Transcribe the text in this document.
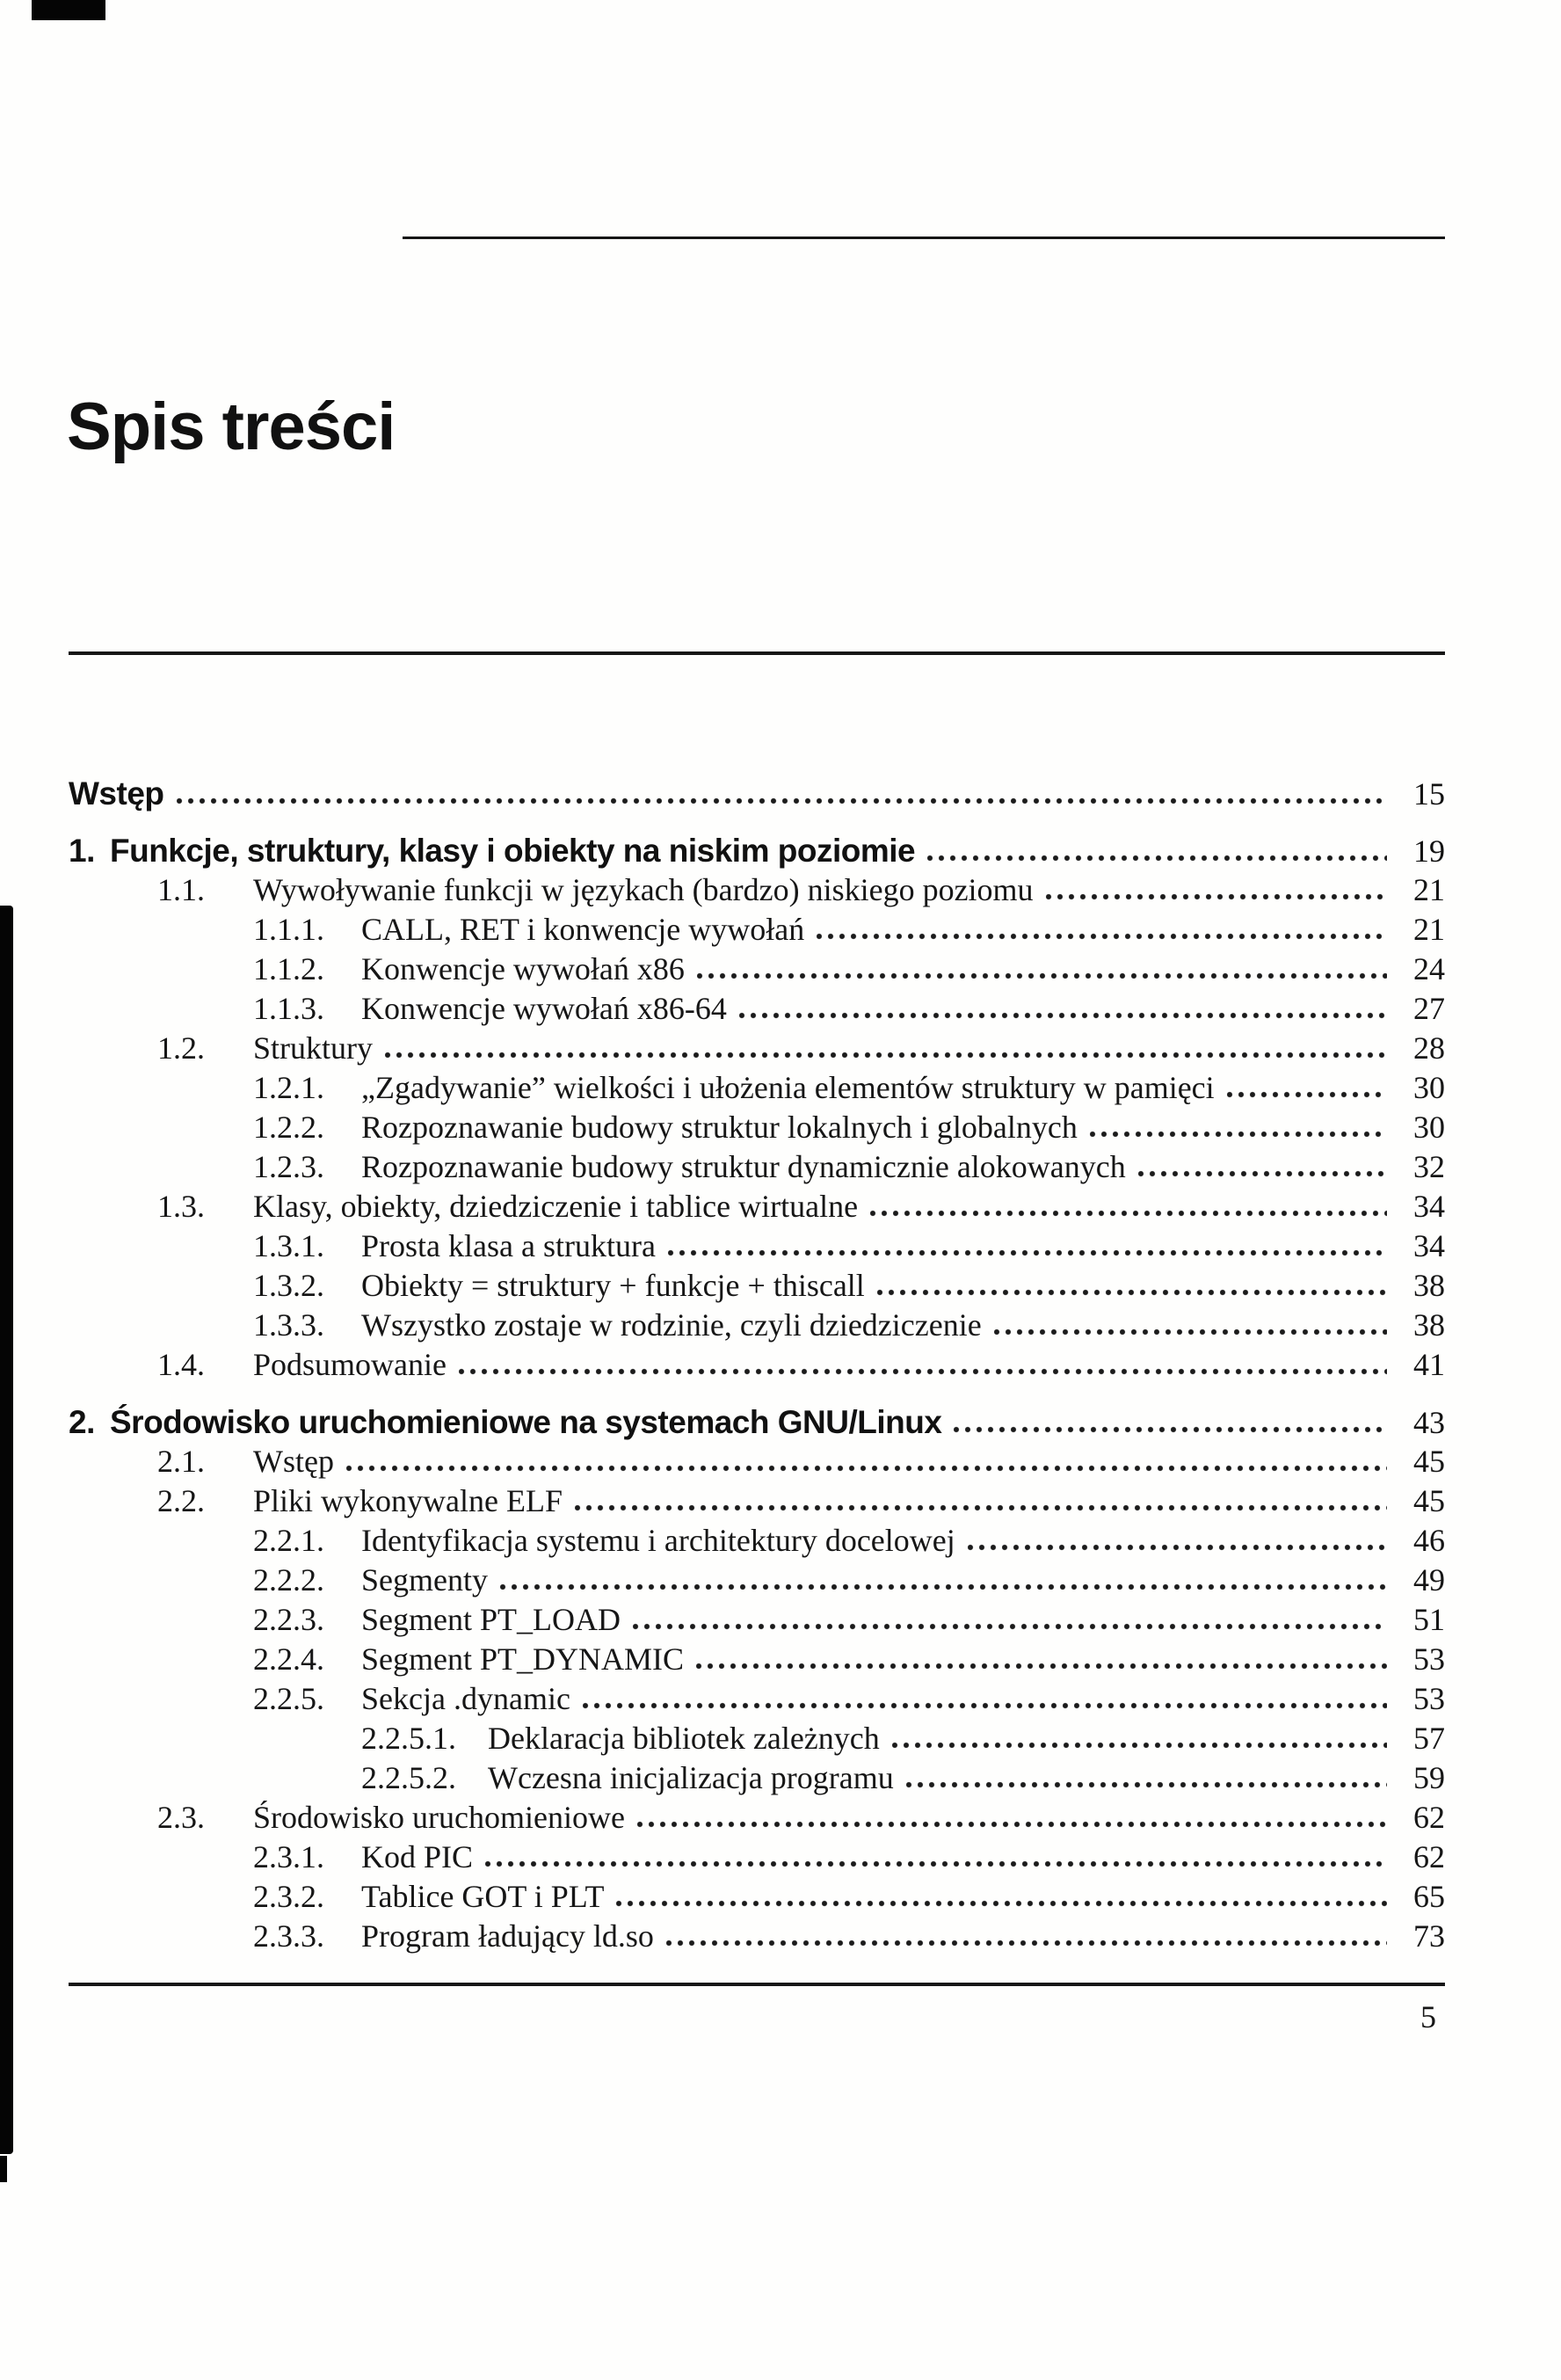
Spis treści
Wstęp	15
1. Funkcje, struktury, klasy i obiekty na niskim poziomie	19
1.1.	Wywoływanie funkcji w językach (bardzo) niskiego poziomu	21
1.1.1.	CALL, RET i konwencje wywołań	21
1.1.2.	Konwencje wywołań x86	24
1.1.3.	Konwencje wywołań x86-64	27
1.2.	Struktury	28
1.2.1.	„Zgadywanie” wielkości i ułożenia elementów struktury w pamięci	30
1.2.2.	Rozpoznawanie budowy struktur lokalnych i globalnych	30
1.2.3.	Rozpoznawanie budowy struktur dynamicznie alokowanych	32
1.3.	Klasy, obiekty, dziedziczenie i tablice wirtualne	34
1.3.1.	Prosta klasa a struktura	34
1.3.2.	Obiekty = struktury + funkcje + thiscall	38
1.3.3.	Wszystko zostaje w rodzinie, czyli dziedziczenie	38
1.4.	Podsumowanie	41
2. Środowisko uruchomieniowe na systemach GNU/Linux	43
2.1.	Wstęp	45
2.2.	Pliki wykonywalne ELF	45
2.2.1.	Identyfikacja systemu i architektury docelowej	46
2.2.2.	Segmenty	49
2.2.3.	Segment PT_LOAD	51
2.2.4.	Segment PT_DYNAMIC	53
2.2.5.	Sekcja .dynamic	53
2.2.5.1.	Deklaracja bibliotek zależnych	57
2.2.5.2.	Wczesna inicjalizacja programu	59
2.3.	Środowisko uruchomieniowe	62
2.3.1.	Kod PIC	62
2.3.2.	Tablice GOT i PLT	65
2.3.3.	Program ładujący ld.so	73
5
